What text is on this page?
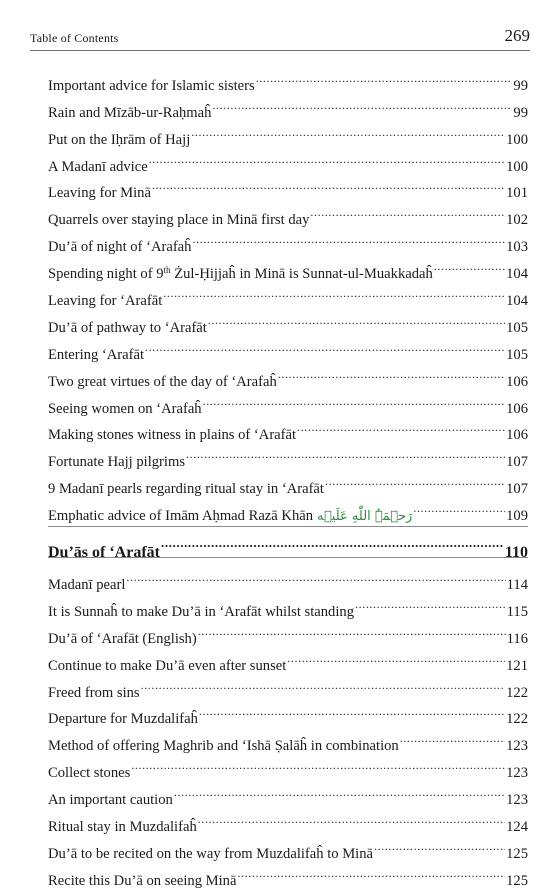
Table of Contents	269
Important advice for Islamic sisters .....	99
Rain and Mīzāb-ur-Raḥmaĥ .....	99
Put on the Iḥrām of Hajj .....	100
A Madanī advice .....	100
Leaving for Minā .....	101
Quarrels over staying place in Minā first day .....	102
Du’ā of night of ‘Arafaĥ .....	103
Spending night of 9th Żul-Ḥijjaĥ in Minā is Sunnat-ul-Muakkadaĥ .....	104
Leaving for ‘Arafāt .....	104
Du’ā of pathway to ‘Arafāt .....	105
Entering ‘Arafāt .....	105
Two great virtues of the day of ‘Arafaĥ .....	106
Seeing women on ‘Arafaĥ .....	106
Making stones witness in plains of ‘Arafāt .....	106
Fortunate Hajj pilgrims .....	107
9 Madanī pearls regarding ritual stay in ‘Arafāt .....	107
Emphatic advice of Imām Aḥmad Razā Khān رَحۡمَۃُ اللّٰهِ عَلَيۡه .....	109
Du’ās of ‘Arafāt .....	110
Madanī pearl .....	114
It is Sunnaĥ to make Du’ā in ‘Arafāt whilst standing .....	115
Du’ā of ‘Arafāt (English) .....	116
Continue to make Du’ā even after sunset .....	121
Freed from sins .....	122
Departure for Muzdalifaĥ .....	122
Method of offering Maghrib and ‘Ishā Ṣalāĥ in combination .....	123
Collect stones .....	123
An important caution .....	123
Ritual stay in Muzdalifaĥ .....	124
Du’ā to be recited on the way from Muzdalifaĥ to Minā .....	125
Recite this Du’ā on seeing Minā .....	125
